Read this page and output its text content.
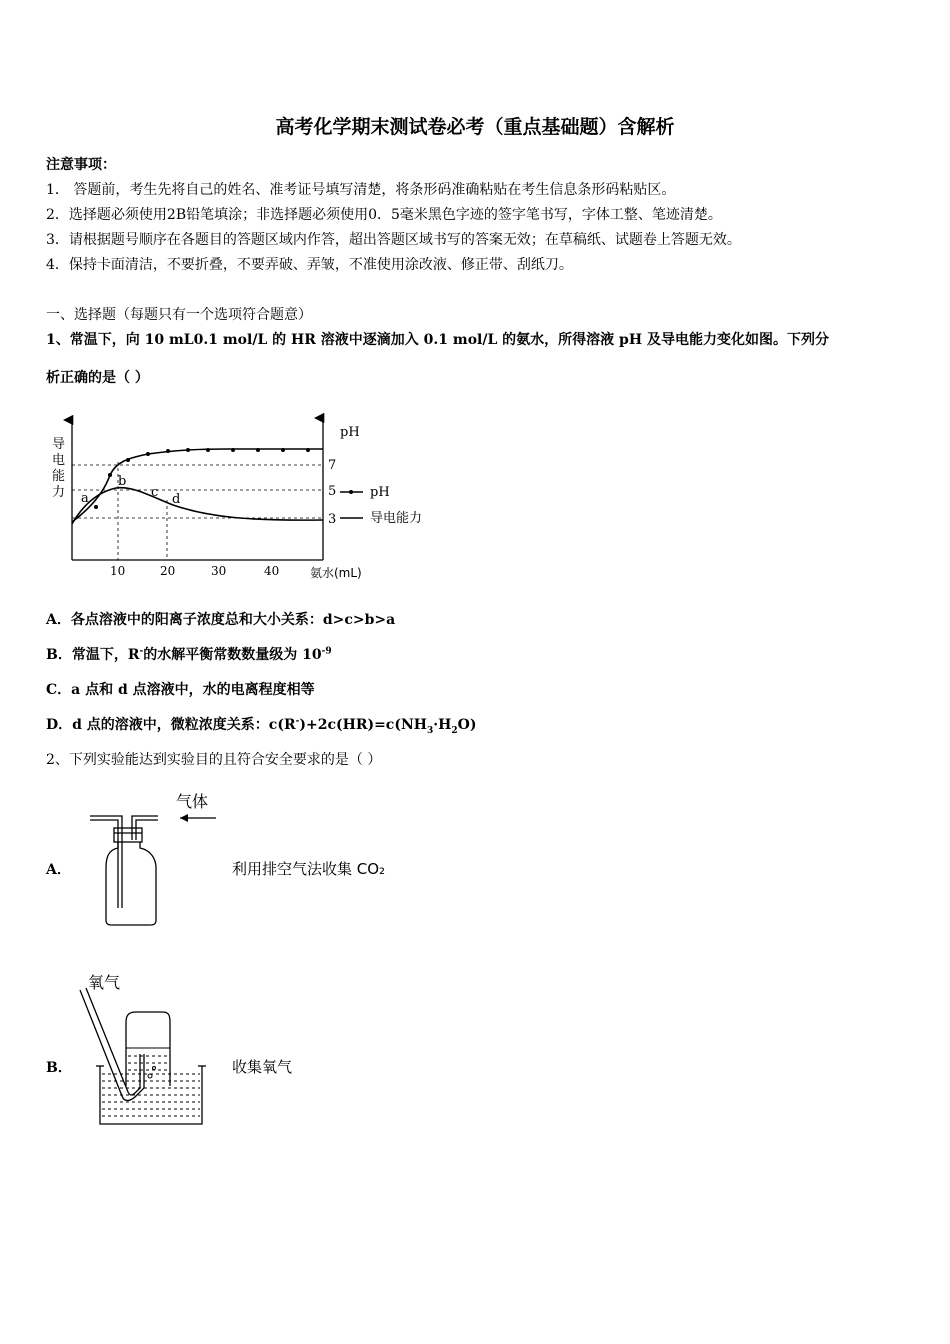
高考化学期末测试卷必考（重点基础题）含解析
注意事项：
1． 答题前，考生先将自己的姓名、准考证号填写清楚，将条形码准确粘贴在考生信息条形码粘贴区。
2．选择题必须使用2B铅笔填涂；非选择题必须使用0．5毫米黑色字迹的签字笔书写，字体工整、笔迹清楚。
3．请根据题号顺序在各题目的答题区域内作答，超出答题区域书写的答案无效；在草稿纸、试题卷上答题无效。
4．保持卡面清洁，不要折叠，不要弄破、弄皱，不准使用涂改液、修正带、刮纸刀。
一、选择题（每题只有一个选项符合题意）
1、常温下，向 10 mL0.1 mol/L 的 HR 溶液中逐滴加入 0.1 mol/L 的氨水，所得溶液 pH 及导电能力变化如图。下列分
析正确的是（ ）
a
b
c d
导
电
能
力
pH
7
5
3
pH
导电能力
10	20	30	40	氨水(mL)
A．各点溶液中的阳离子浓度总和大小关系：d>c>b>a
B．常温下，R-的水解平衡常数数量级为 $10^{-9}$
C．a 点和 d 点溶液中，水的电离程度相等
D．d 点的溶液中，微粒浓度关系：$c(R^-)+2c(HR)=c(NH_3\cdot H_2O)$
2、下列实验能达到实验目的且符合安全要求的是（ ）
A．
气体
利用排空气法收集 CO₂
B．
氧气
收集氧气
